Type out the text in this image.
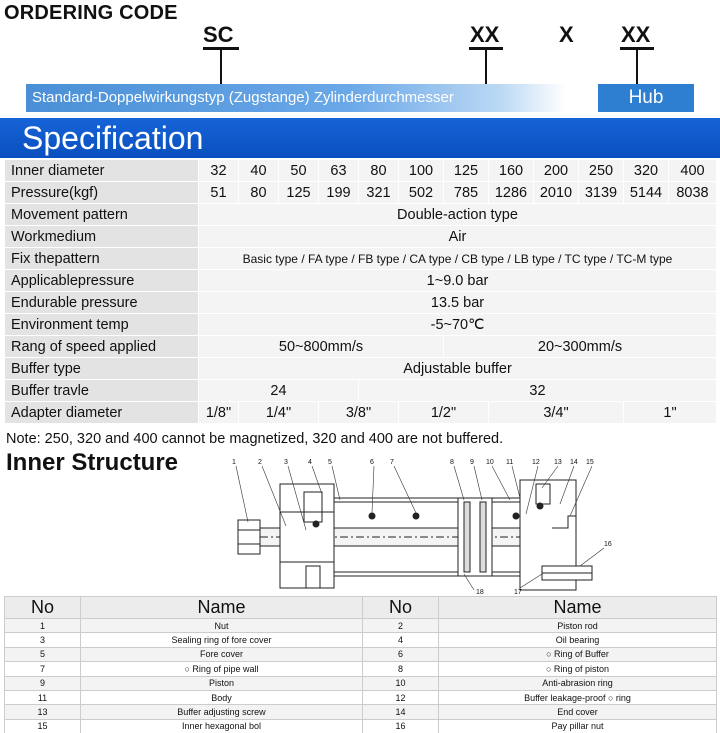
ORDERING CODE
SC	XX	X XX
Standard-Doppelwirkungstyp (Zugstange) Zylinderdurchmesser	Hub
Specification
Inner diameter	32	40	50	63	80	100	125	160	200	250	320	400
Pressure(kgf)	51	80	125	199	321	502	785	1286	2010	3139	5144	8038
Movement pattern	Double-action type											
Workmedium	Air											
Fix thepattern	Basic type / FA type / FB type / CA type / CB type / LB type / TC type / TC-M type											
Applicablepressure	1~9.0 bar											
Endurable pressure	13.5 bar											
Environment temp	-5~70℃											
Rang of speed applied	50~800mm/s						20~300mm/s					
Buffer type	Adjustable buffer											
Buffer travle	24				32							
Adapter diameter	1/8"	1/4"		3/8"		1/2"		3/4"			1"	
Note: 250, 320 and 400 cannot be magnetized, 320 and 400 are not buffered.
Inner Structure	1	2	3	4 5	6 7	8 9 10 11	12 13 14 15
16
17
18
No	Name	No	Name
1	Nut	2	Piston rod
3	Sealing ring of fore cover	4	Oil bearing
5	Fore cover	6	○ Ring of Buffer
7	○ Ring of pipe wall	8	○ Ring of piston
9	Piston	10	Anti-abrasion ring
11	Body	12	Buffer leakage-proof ○ ring
13	Buffer adjusting screw	14	End cover
15	Inner hexagonal bol	16	Pay pillar nut
